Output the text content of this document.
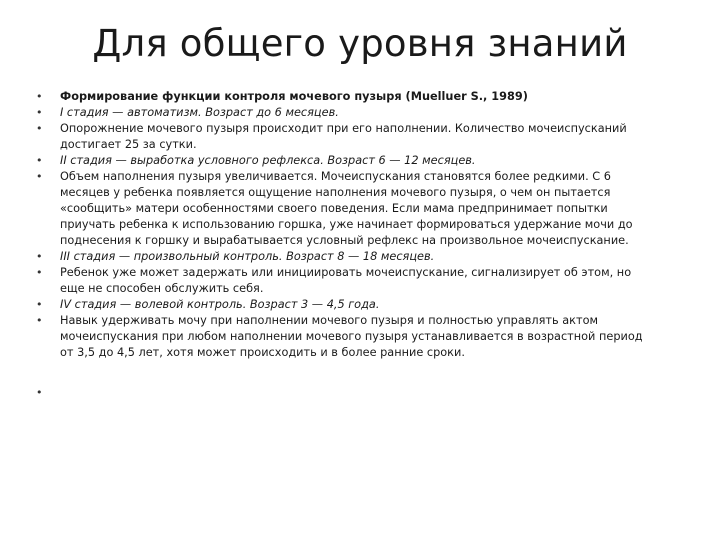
Для общего уровня знаний
•	Формирование функции контроля мочевого пузыря (Muelluer S., 1989)
•	I стадия — автоматизм. Возраст до 6 месяцев.
•	Опорожнение мочевого пузыря происходит при его наполнении. Количество мочеиспусканий достигает 25 за сутки.
•	II стадия — выработка условного рефлекса. Возраст 6 — 12 месяцев.
•	Объем наполнения пузыря увеличивается. Мочеиспускания становятся более редкими. С 6 месяцев у ребенка появляется ощущение наполнения мочевого пузыря, о чем он пытается «сообщить» матери особенностями своего поведения. Если мама предпринимает попытки приучать ребенка к использованию горшка, уже начинает формироваться удержание мочи до поднесения к горшку и вырабатывается условный рефлекс на произвольное мочеиспускание.
•	III стадия — произвольный контроль. Возраст 8 — 18 месяцев.
•	Ребенок уже может задержать или инициировать мочеиспускание, сигнализирует об этом, но еще не способен обслужить себя.
•	IV стадия — волевой контроль. Возраст 3 — 4,5 года.
•	Навык удерживать мочу при наполнении мочевого пузыря и полностью управлять актом мочеиспускания при любом наполнении мочевого пузыря устанавливается в возрастной период от 3,5 до 4,5 лет, хотя может происходить и в более ранние сроки.
•
